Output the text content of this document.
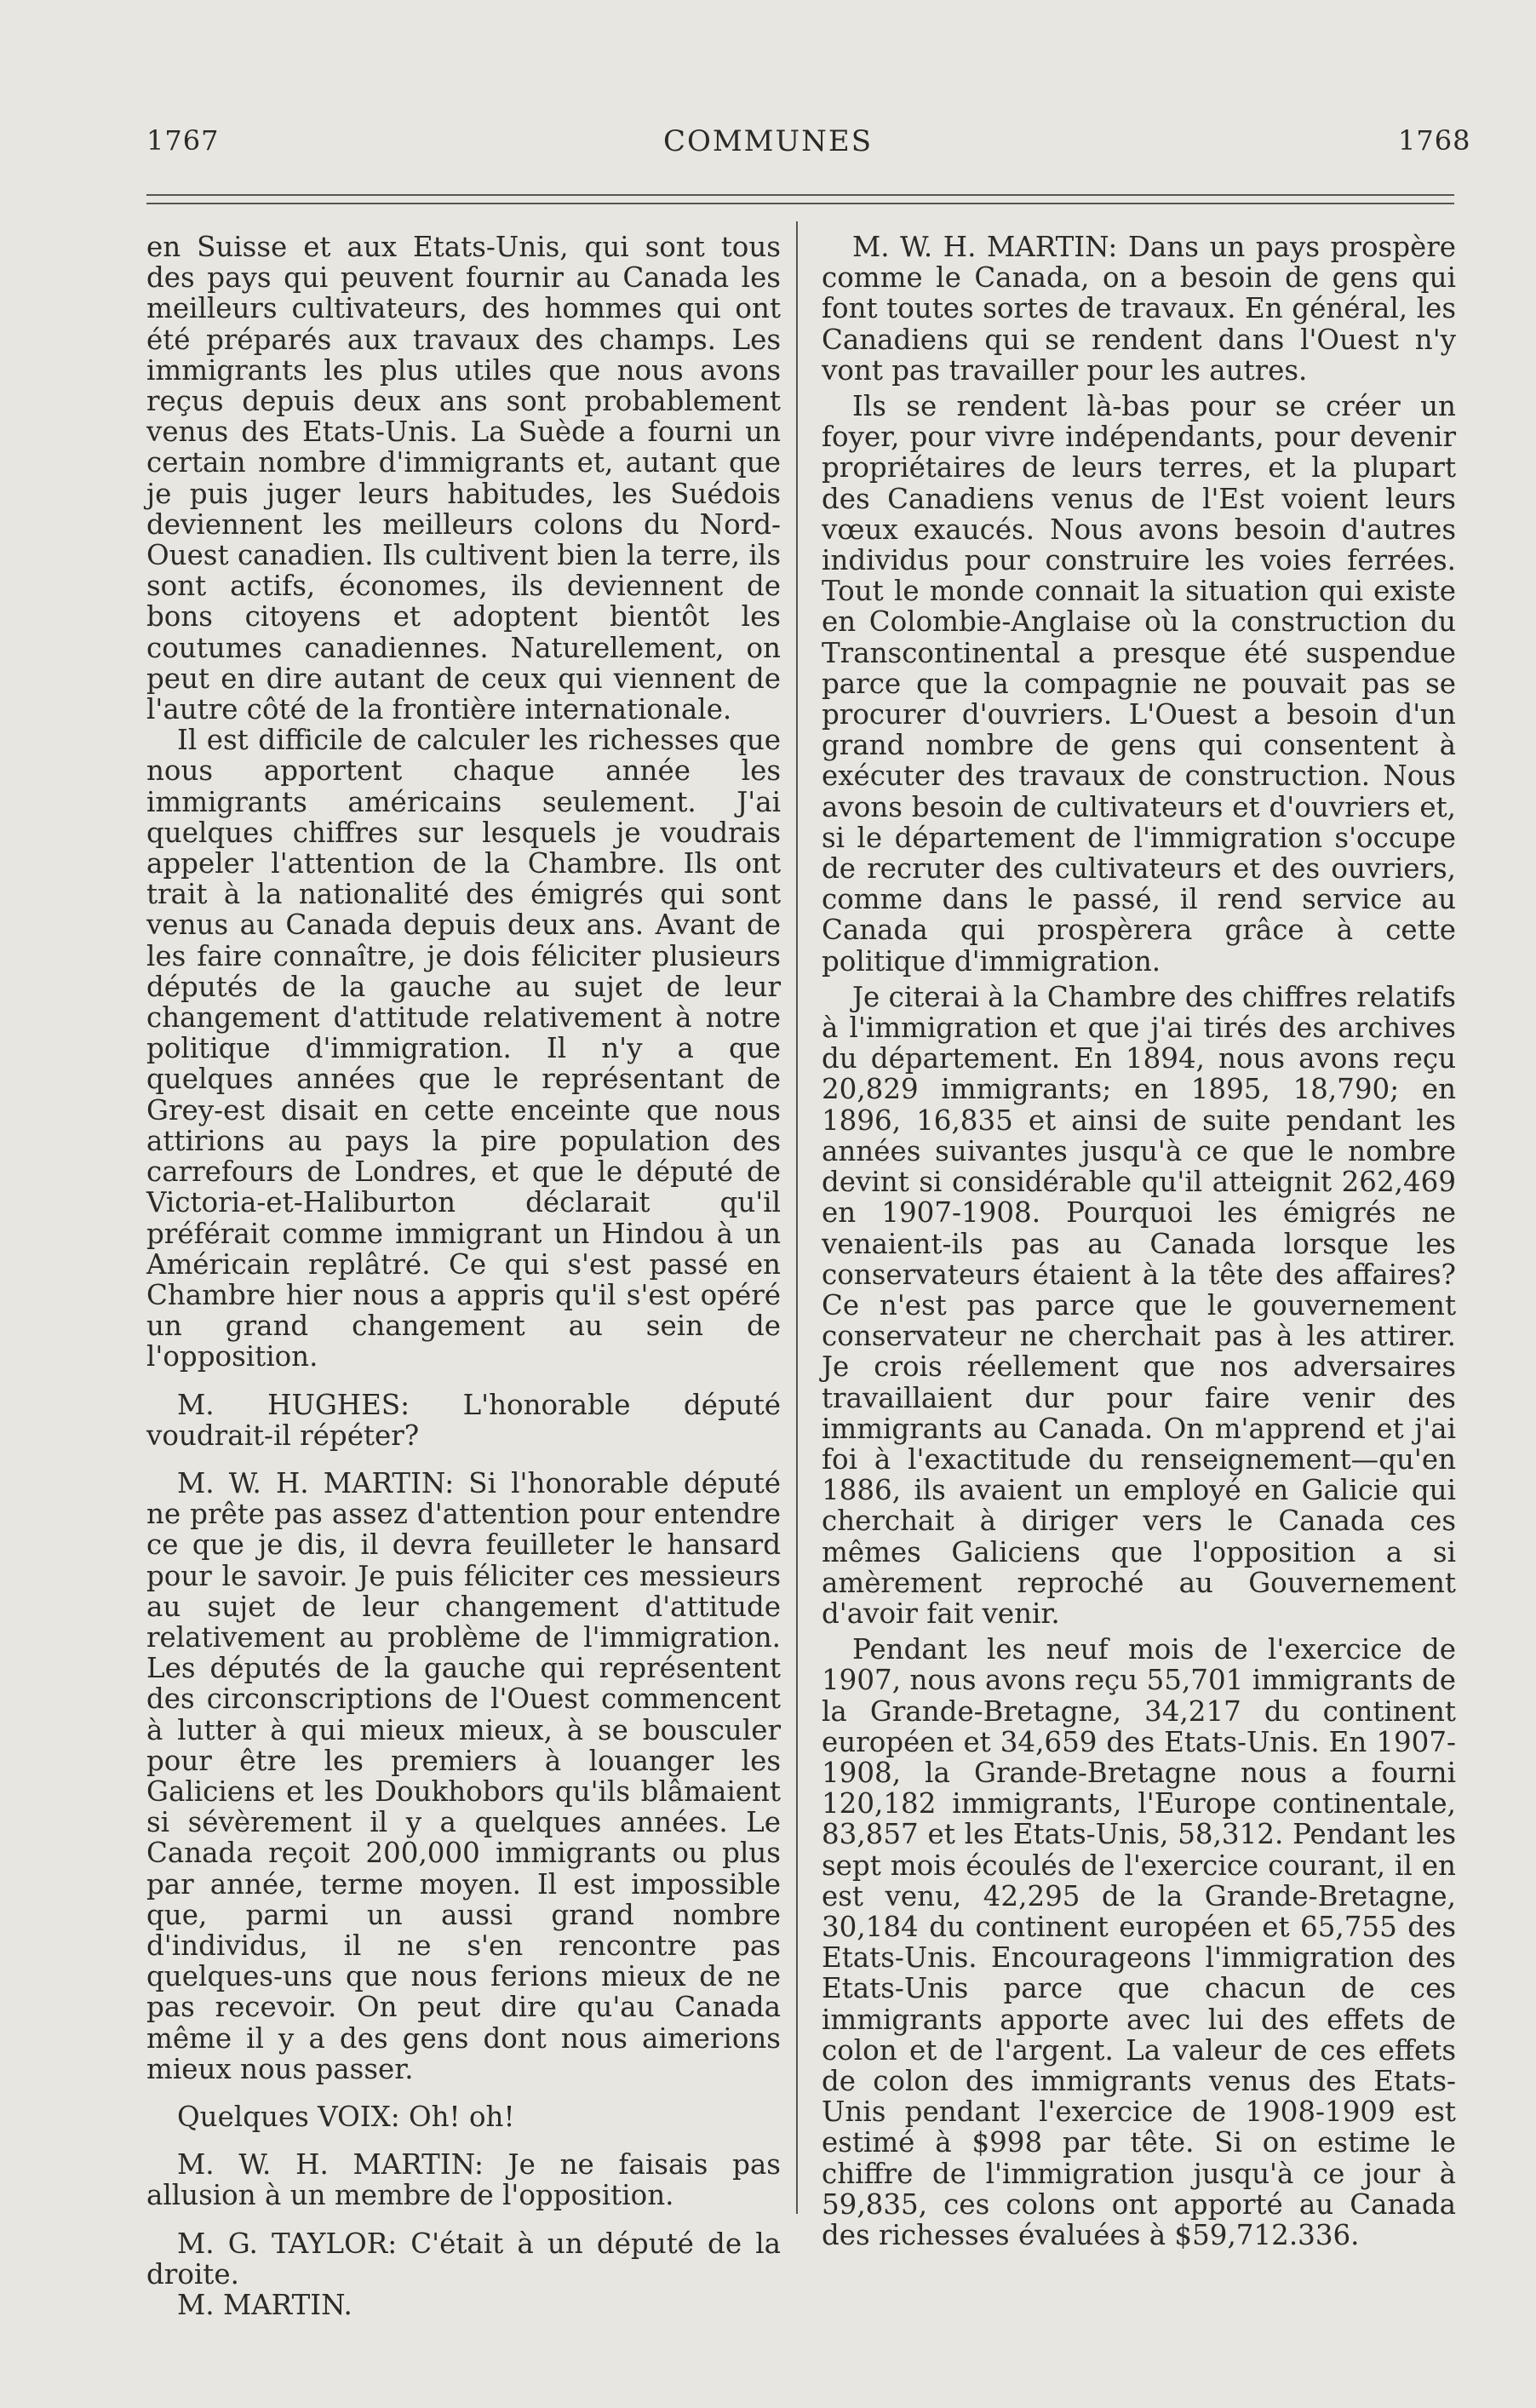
1767	COMMUNES	1768

en Suisse et aux Etats-Unis, qui sont tous des pays qui peuvent fournir au Canada les meilleurs cultivateurs, des hommes qui ont été préparés aux travaux des champs. Les immigrants les plus utiles que nous avons reçus depuis deux ans sont probablement venus des Etats-Unis. La Suède a fourni un certain nombre d'immigrants et, autant que je puis juger leurs habitudes, les Suédois deviennent les meilleurs colons du Nord-Ouest canadien. Ils cultivent bien la terre, ils sont actifs, économes, ils deviennent de bons citoyens et adoptent bientôt les coutumes canadiennes. Naturellement, on peut en dire autant de ceux qui viennent de l'autre côté de la frontière internationale.

Il est difficile de calculer les richesses que nous apportent chaque année les immigrants américains seulement. J'ai quelques chiffres sur lesquels je voudrais appeler l'attention de la Chambre. Ils ont trait à la nationalité des émigrés qui sont venus au Canada depuis deux ans. Avant de les faire connaître, je dois féliciter plusieurs députés de la gauche au sujet de leur changement d'attitude relativement à notre politique d'immigration. Il n'y a que quelques années que le représentant de Grey-est disait en cette enceinte que nous attirions au pays la pire population des carrefours de Londres, et que le député de Victoria-et-Haliburton déclarait qu'il préférait comme immigrant un Hindou à un Américain replâtré. Ce qui s'est passé en Chambre hier nous a appris qu'il s'est opéré un grand changement au sein de l'opposition.

M. HUGHES: L'honorable député voudrait-il répéter?

M. W. H. MARTIN: Si l'honorable député ne prête pas assez d'attention pour entendre ce que je dis, il devra feuilleter le hansard pour le savoir. Je puis féliciter ces messieurs au sujet de leur changement d'attitude relativement au problème de l'immigration. Les députés de la gauche qui représentent des circonscriptions de l'Ouest commencent à lutter à qui mieux mieux, à se bousculer pour être les premiers à louanger les Galiciens et les Doukhobors qu'ils blâmaient si sévèrement il y a quelques années. Le Canada reçoit 200,000 immigrants ou plus par année, terme moyen. Il est impossible que, parmi un aussi grand nombre d'individus, il ne s'en rencontre pas quelques-uns que nous ferions mieux de ne pas recevoir. On peut dire qu'au Canada même il y a des gens dont nous aimerions mieux nous passer.

Quelques VOIX: Oh! oh!

M. W. H. MARTIN: Je ne faisais pas allusion à un membre de l'opposition.

M. G. TAYLOR: C'était à un député de la droite.

M. MARTIN.

M. W. H. MARTIN: Dans un pays prospère comme le Canada, on a besoin de gens qui font toutes sortes de travaux. En général, les Canadiens qui se rendent dans l'Ouest n'y vont pas travailler pour les autres.

Ils se rendent là-bas pour se créer un foyer, pour vivre indépendants, pour devenir propriétaires de leurs terres, et la plupart des Canadiens venus de l'Est voient leurs vœux exaucés. Nous avons besoin d'autres individus pour construire les voies ferrées. Tout le monde connait la situation qui existe en Colombie-Anglaise où la construction du Transcontinental a presque été suspendue parce que la compagnie ne pouvait pas se procurer d'ouvriers. L'Ouest a besoin d'un grand nombre de gens qui consentent à exécuter des travaux de construction. Nous avons besoin de cultivateurs et d'ouvriers et, si le département de l'immigration s'occupe de recruter des cultivateurs et des ouvriers, comme dans le passé, il rend service au Canada qui prospèrera grâce à cette politique d'immigration.

Je citerai à la Chambre des chiffres relatifs à l'immigration et que j'ai tirés des archives du département. En 1894, nous avons reçu 20,829 immigrants; en 1895, 18,790; en 1896, 16,835 et ainsi de suite pendant les années suivantes jusqu'à ce que le nombre devint si considérable qu'il atteignit 262,469 en 1907-1908. Pourquoi les émigrés ne venaient-ils pas au Canada lorsque les conservateurs étaient à la tête des affaires? Ce n'est pas parce que le gouvernement conservateur ne cherchait pas à les attirer. Je crois réellement que nos adversaires travaillaient dur pour faire venir des immigrants au Canada. On m'apprend et j'ai foi à l'exactitude du renseignement—qu'en 1886, ils avaient un employé en Galicie qui cherchait à diriger vers le Canada ces mêmes Galiciens que l'opposition a si amèrement reproché au Gouvernement d'avoir fait venir.

Pendant les neuf mois de l'exercice de 1907, nous avons reçu 55,701 immigrants de la Grande-Bretagne, 34,217 du continent européen et 34,659 des Etats-Unis. En 1907-1908, la Grande-Bretagne nous a fourni 120,182 immigrants, l'Europe continentale, 83,857 et les Etats-Unis, 58,312. Pendant les sept mois écoulés de l'exercice courant, il en est venu, 42,295 de la Grande-Bretagne, 30,184 du continent européen et 65,755 des Etats-Unis. Encourageons l'immigration des Etats-Unis parce que chacun de ces immigrants apporte avec lui des effets de colon et de l'argent. La valeur de ces effets de colon des immigrants venus des Etats-Unis pendant l'exercice de 1908-1909 est estimé à $998 par tête. Si on estime le chiffre de l'immigration jusqu'à ce jour à 59,835, ces colons ont apporté au Canada des richesses évaluées à $59,712.336.
